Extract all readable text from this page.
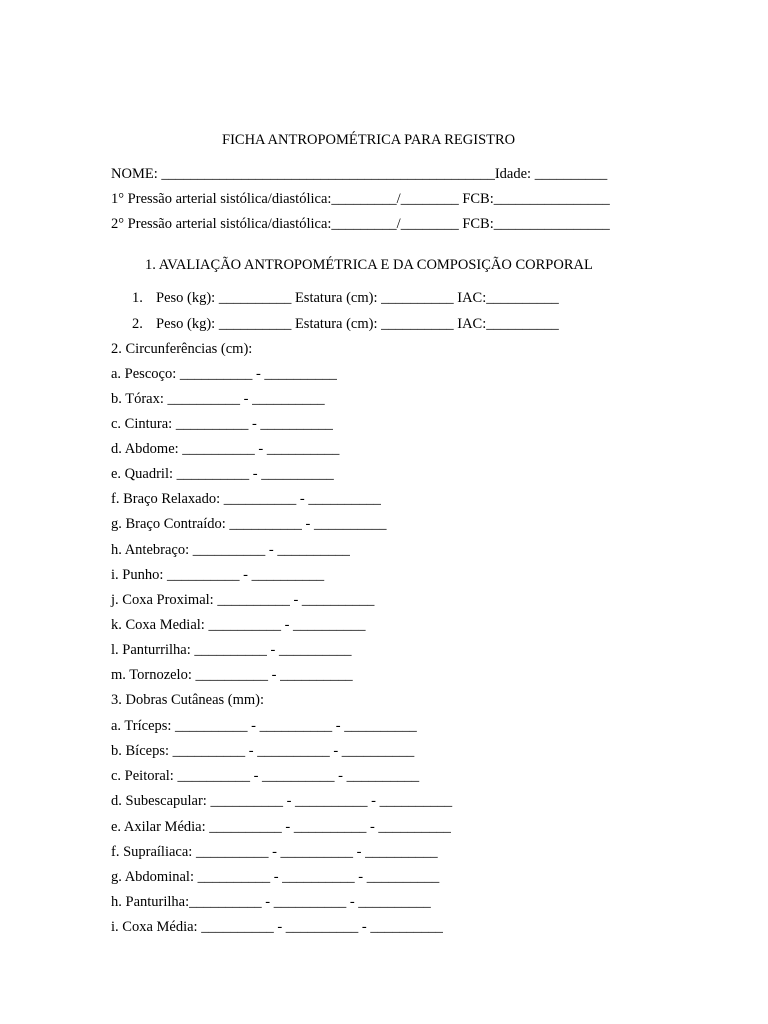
FICHA ANTROPOMÉTRICA PARA REGISTRO
NOME: ______________________________________________Idade: __________
1° Pressão arterial sistólica/diastólica:_________/________ FCB:________________
2° Pressão arterial sistólica/diastólica:_________/________ FCB:________________
1. AVALIAÇÃO ANTROPOMÉTRICA E DA COMPOSIÇÃO CORPORAL
1. Peso (kg): __________ Estatura (cm): __________ IAC:__________
2. Peso (kg): __________ Estatura (cm): __________ IAC:__________
2. Circunferências (cm):
a. Pescoço: __________ - __________
b. Tórax: __________ - __________
c. Cintura: __________ - __________
d. Abdome: __________ - __________
e. Quadril: __________ - __________
f. Braço Relaxado: __________ - __________
g. Braço Contraído: __________ - __________
h. Antebraço: __________ - __________
i. Punho: __________ - __________
j. Coxa Proximal: __________ - __________
k. Coxa Medial: __________ - __________
l. Panturrilha: __________ - __________
m. Tornozelo: __________ - __________
3. Dobras Cutâneas (mm):
a. Tríceps: __________ - __________ - __________
b. Bíceps: __________ - __________ - __________
c. Peitoral: __________ - __________ - __________
d. Subescapular: __________ - __________ - __________
e. Axilar Média: __________ - __________ - __________
f. Supraíliaca: __________ - __________ - __________
g. Abdominal: __________ - __________ - __________
h. Panturilha:__________ - __________ - __________
i. Coxa Média: __________ - __________ - __________
